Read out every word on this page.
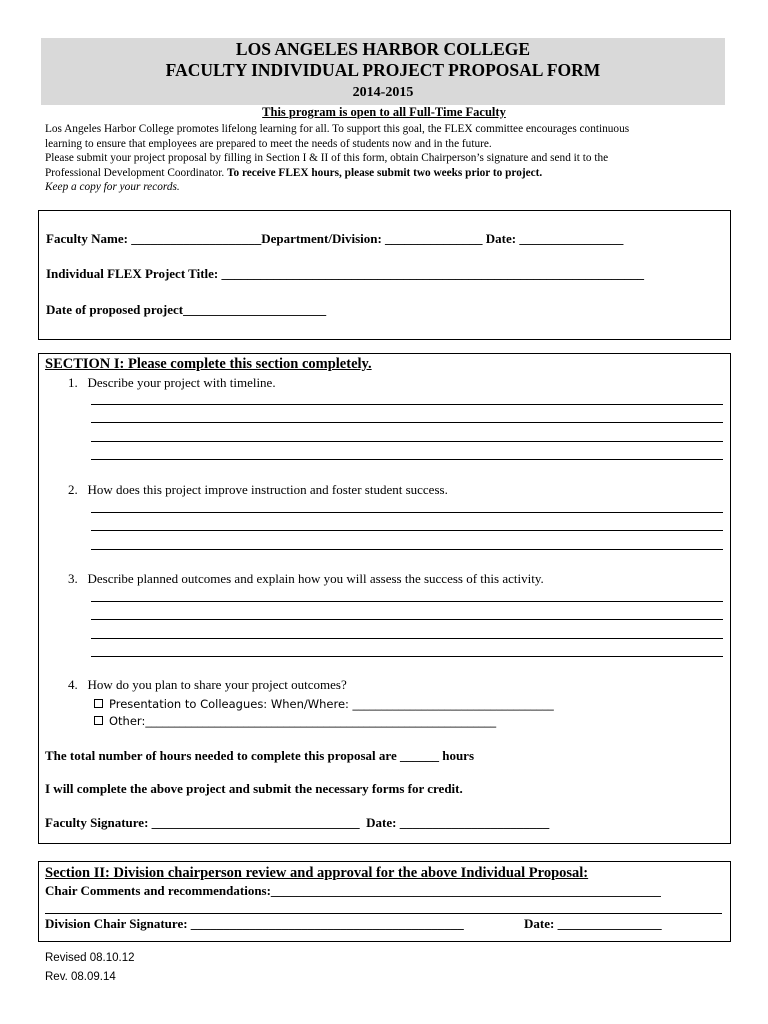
LOS ANGELES HARBOR COLLEGE
FACULTY INDIVIDUAL PROJECT PROPOSAL FORM
2014-2015
This program is open to all Full-Time Faculty

Los Angeles Harbor College promotes lifelong learning for all. To support this goal, the FLEX committee encourages continuous

learning to ensure that employees are prepared to meet the needs of students now and in the future.

Please submit your project proposal by filling in Section I & II of this form, obtain Chairperson’s signature and send it to the

Professional Development Coordinator. To receive FLEX hours, please submit two weeks prior to project.

Keep a copy for your records.

Faculty Name: ____________________Department/Division: _______________ Date: ________________
Individual FLEX Project Title: _________________________________________________________________
Date of proposed project______________________
SECTION I: Please complete this section completely.
1.   Describe your project with timeline.
2.   How does this project improve instruction and foster student success.
3.   Describe planned outcomes and explain how you will assess the success of this activity.
4.   How do you plan to share your project outcomes?
Presentation to Colleagues: When/Where: ___________________________________
Other:_____________________________________________________________
The total number of hours needed to complete this proposal are ______ hours
I will complete the above project and submit the necessary forms for credit.
Faculty Signature: ________________________________  Date: _______________________
Section II: Division chairperson review and approval for the above Individual Proposal:
Chair Comments and recommendations:____________________________________________________________
Division Chair Signature: __________________________________________	Date: ________________
Revised 08.10.12
Rev. 08.09.14
